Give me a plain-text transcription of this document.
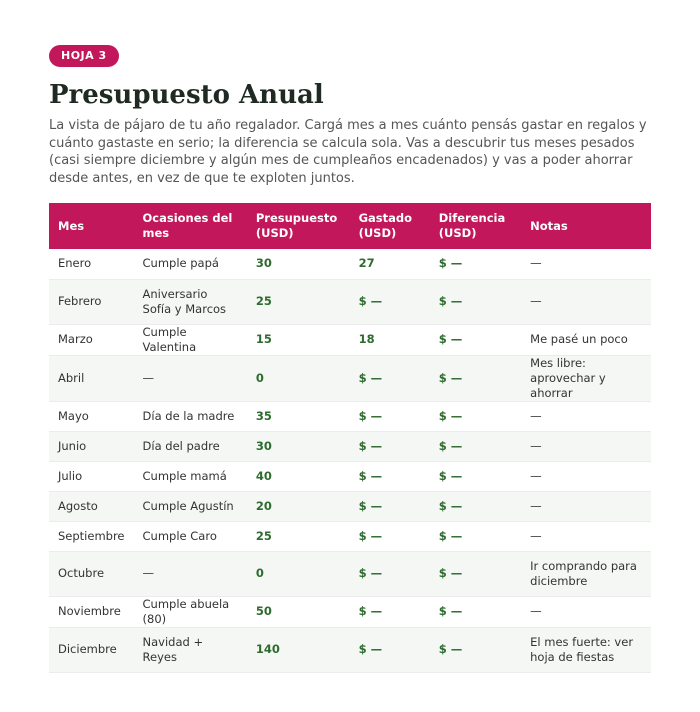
HOJA 3
Presupuesto Anual

La vista de pájaro de tu año regalador. Cargá mes a mes cuánto pensás gastar en regalos y cuánto gastaste en serio; la diferencia se calcula sola. Vas a descubrir tus meses pesados (casi siempre diciembre y algún mes de cumpleaños encadenados) y vas a poder ahorrar desde antes, en vez de que te exploten juntos.

Mes	Ocasiones del mes	Presupuesto (USD)	Gastado (USD)	Diferencia (USD)	Notas
Enero	Cumple papá	30	27	$ —	—
Febrero	Aniversario Sofía y Marcos	25	$ —	$ —	—
Marzo	Cumple Valentina	15	18	$ —	Me pasé un poco
Abril	—	0	$ —	$ —	Mes libre: aprovechar y ahorrar
Mayo	Día de la madre	35	$ —	$ —	—
Junio	Día del padre	30	$ —	$ —	—
Julio	Cumple mamá	40	$ —	$ —	—
Agosto	Cumple Agustín	20	$ —	$ —	—
Septiembre	Cumple Caro	25	$ —	$ —	—
Octubre	—	0	$ —	$ —	Ir comprando para diciembre
Noviembre	Cumple abuela (80)	50	$ —	$ —	—
Diciembre	Navidad + Reyes	140	$ —	$ —	El mes fuerte: ver hoja de fiestas
